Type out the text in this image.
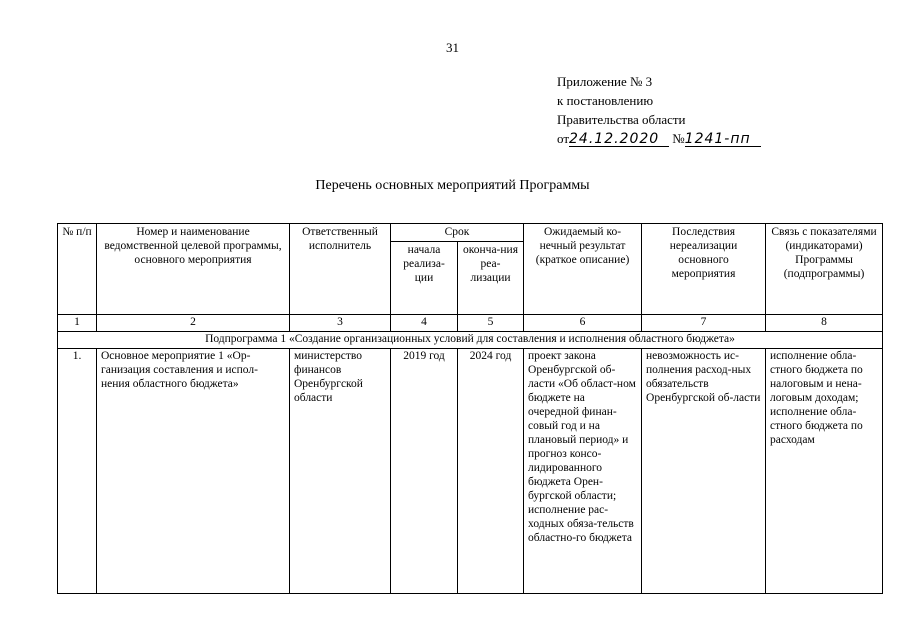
31
Приложение № 3
к постановлению
Правительства области
от24.12.2020 №1241-пп
Перечень основных мероприятий Программы
№ п/п	Номер и наименование ведомственной целевой программы, основного мероприятия	Ответственный исполнитель	Срок		Ожидаемый ко-нечный результат (краткое описание)	Последствия нереализации основного мероприятия	Связь с показателями (индикаторами) Программы (подпрограммы)
			начала реализа-ции	оконча-ния реа-лизации			
1	2	3	4	5	6	7	8
Подпрограмма 1 «Создание организационных условий для составления и исполнения областного бюджета»							
1.	Основное мероприятие 1 «Ор-ганизация составления и испол-нения областного бюджета»	министерство финансов Оренбургской области	2019 год	2024 год	проект закона Оренбургской об-ласти «Об област-ном бюджете на очередной финан-совый год и на плановый период» и прогноз консо-лидированного бюджета Орен-бургской области; исполнение рас-ходных обяза-тельств областно-го бюджета	невозможность ис-полнения расход-ных обязательств Оренбургской об-ласти	исполнение обла-стного бюджета по налоговым и нена-логовым доходам; исполнение обла-стного бюджета по расходам
